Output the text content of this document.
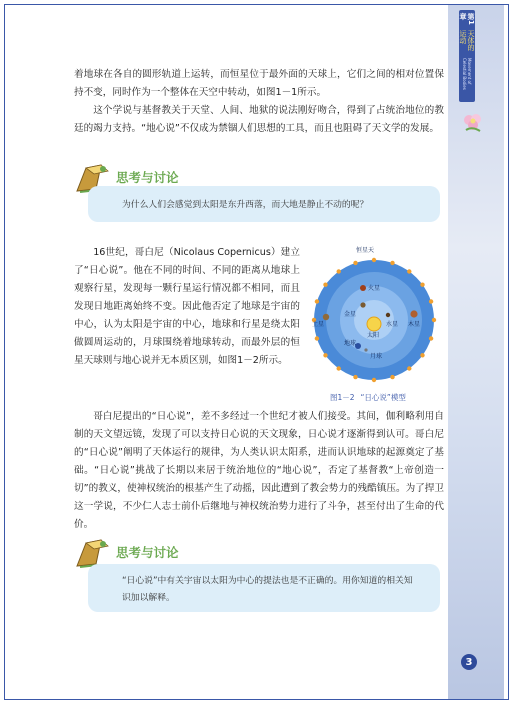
第1章
天体的运动
Movement of Celestial Bodies

着地球在各自的圆形轨道上运转，而恒星位于最外面的天球上，它们之间的相对位置保持不变，同时作为一个整体在天空中转动，如图1－1所示。

这个学说与基督教关于天堂、人间、地狱的说法刚好吻合，得到了占统治地位的教廷的竭力支持。“地心说”不仅成为禁锢人们思想的工具，而且也阻碍了天文学的发展。

思考与讨论
为什么人们会感觉到太阳是东升西落，而大地是静止不动的呢？

16世纪，哥白尼（Nicolaus Copernicus）建立了“日心说”。他在不同的时间、不同的距离从地球上观察行星，发现每一颗行星运行情况都不相同，而且发现日地距离始终不变。因此他否定了地球是宇宙的中心，认为太阳是宇宙的中心，地球和行星是绕太阳做圆周运动的，月球围绕着地球转动，而最外层的恒星天球则与地心说并无本质区别，如图1－2所示。

恒星天
火星
金星
水星
太阳
地球
月球
土星	木星
图1－2 “日心说”模型

哥白尼提出的“日心说”，差不多经过一个世纪才被人们接受。其间，伽利略利用自制的天文望远镜，发现了可以支持日心说的天文现象，日心说才逐渐得到认可。哥白尼的“日心说”阐明了天体运行的规律，为人类认识太阳系，进而认识地球的起源奠定了基础。“日心说”挑战了长期以来居于统治地位的“地心说”，否定了基督教“上帝创造一切”的教义，使神权统治的根基产生了动摇，因此遭到了教会势力的残酷镇压。为了捍卫这一学说，不少仁人志士前仆后继地与神权统治势力进行了斗争，甚至付出了生命的代价。

思考与讨论
“日心说”中有关宇宙以太阳为中心的提法也是不正确的。用你知道的相关知识加以解释。
3
